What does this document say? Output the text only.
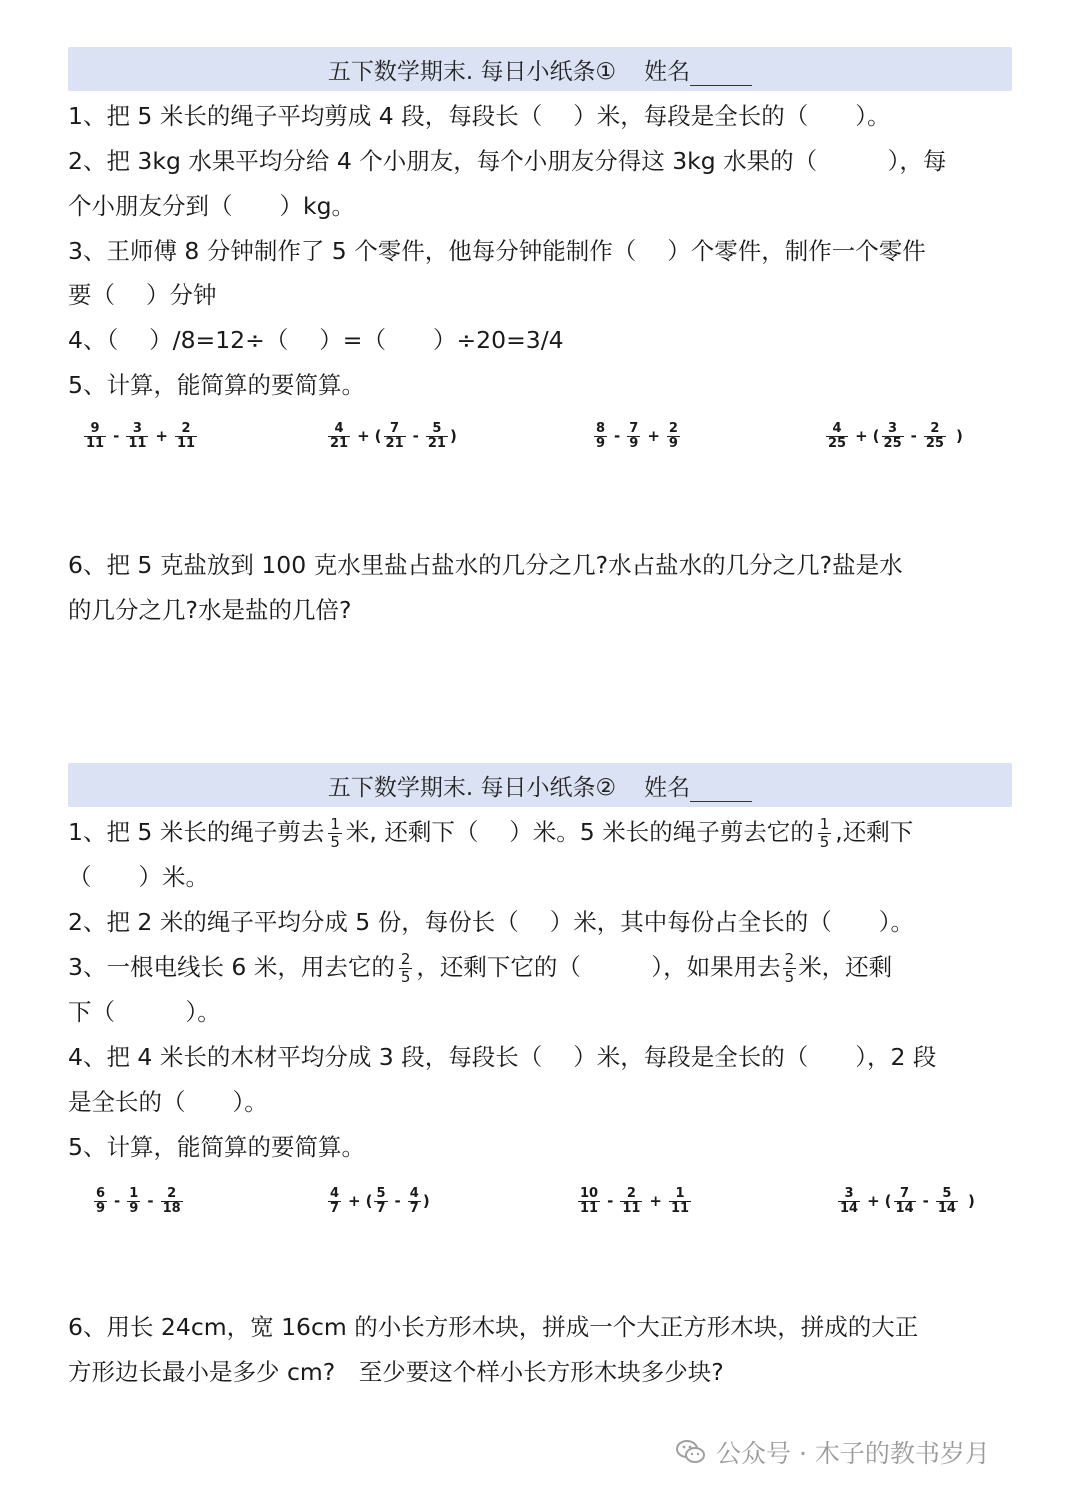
五下数学期末. 每日小纸条① 姓名
1、把 5 米长的绳子平均剪成 4 段，每段长（　 ）米，每段是全长的（　　）。
2、把 3kg 水果平均分给 4 个小朋友，每个小朋友分得这 3kg 水果的（　　　），每
个小朋友分到（　　）kg。
3、王师傅 8 分钟制作了 5 个零件，他每分钟能制作（　 ）个零件，制作一个零件
要（　 ）分钟
4、（　 ）/8=12÷（　 ）=（　　）÷20=3/4
5、计算，能简算的要简算。
$\frac{9}{11} - \frac{3}{11} + \frac{2}{11}$	$\frac{4}{21}$ + ( $\frac{7}{21} - \frac{5}{21}$ )	$\frac{8}{9} - \frac{7}{9} + \frac{2}{9}$	$\frac{4}{25}$ + ( $\frac{3}{25} - \frac{2}{25}$ )
6、把 5 克盐放到 100 克水里盐占盐水的几分之几?水占盐水的几分之几?盐是水
的几分之几?水是盐的几倍?
五下数学期末. 每日小纸条② 姓名
1、把 5 米长的绳子剪去 $\frac{1}{5}$ 米, 还剩下（　 ）米。5 米长的绳子剪去它的 $\frac{1}{5}$ ,还剩下
（　　）米。
2、把 2 米的绳子平均分成 5 份，每份长（　 ）米，其中每份占全长的（　　）。
3、一根电线长 6 米，用去它的 $\frac{2}{5}$ ，还剩下它的（　　　），如果用去 $\frac{2}{5}$ 米，还剩
下（　　　）。
4、把 4 米长的木材平均分成 3 段，每段长（　 ）米，每段是全长的（　　），2 段
是全长的（　　）。
5、计算，能简算的要简算。
$\frac{6}{9} - \frac{1}{9} - \frac{2}{18}$	$\frac{4}{7}$ + ( $\frac{5}{7} - \frac{4}{7}$ )	$\frac{10}{11} - \frac{2}{11} + \frac{1}{11}$	$\frac{3}{14}$ + ( $\frac{7}{14} - \frac{5}{14}$ )
6、用长 24cm，宽 16cm 的小长方形木块，拼成一个大正方形木块，拼成的大正
方形边长最小是多少 cm?　至少要这个样小长方形木块多少块?
公众号 · 木子的教书岁月
